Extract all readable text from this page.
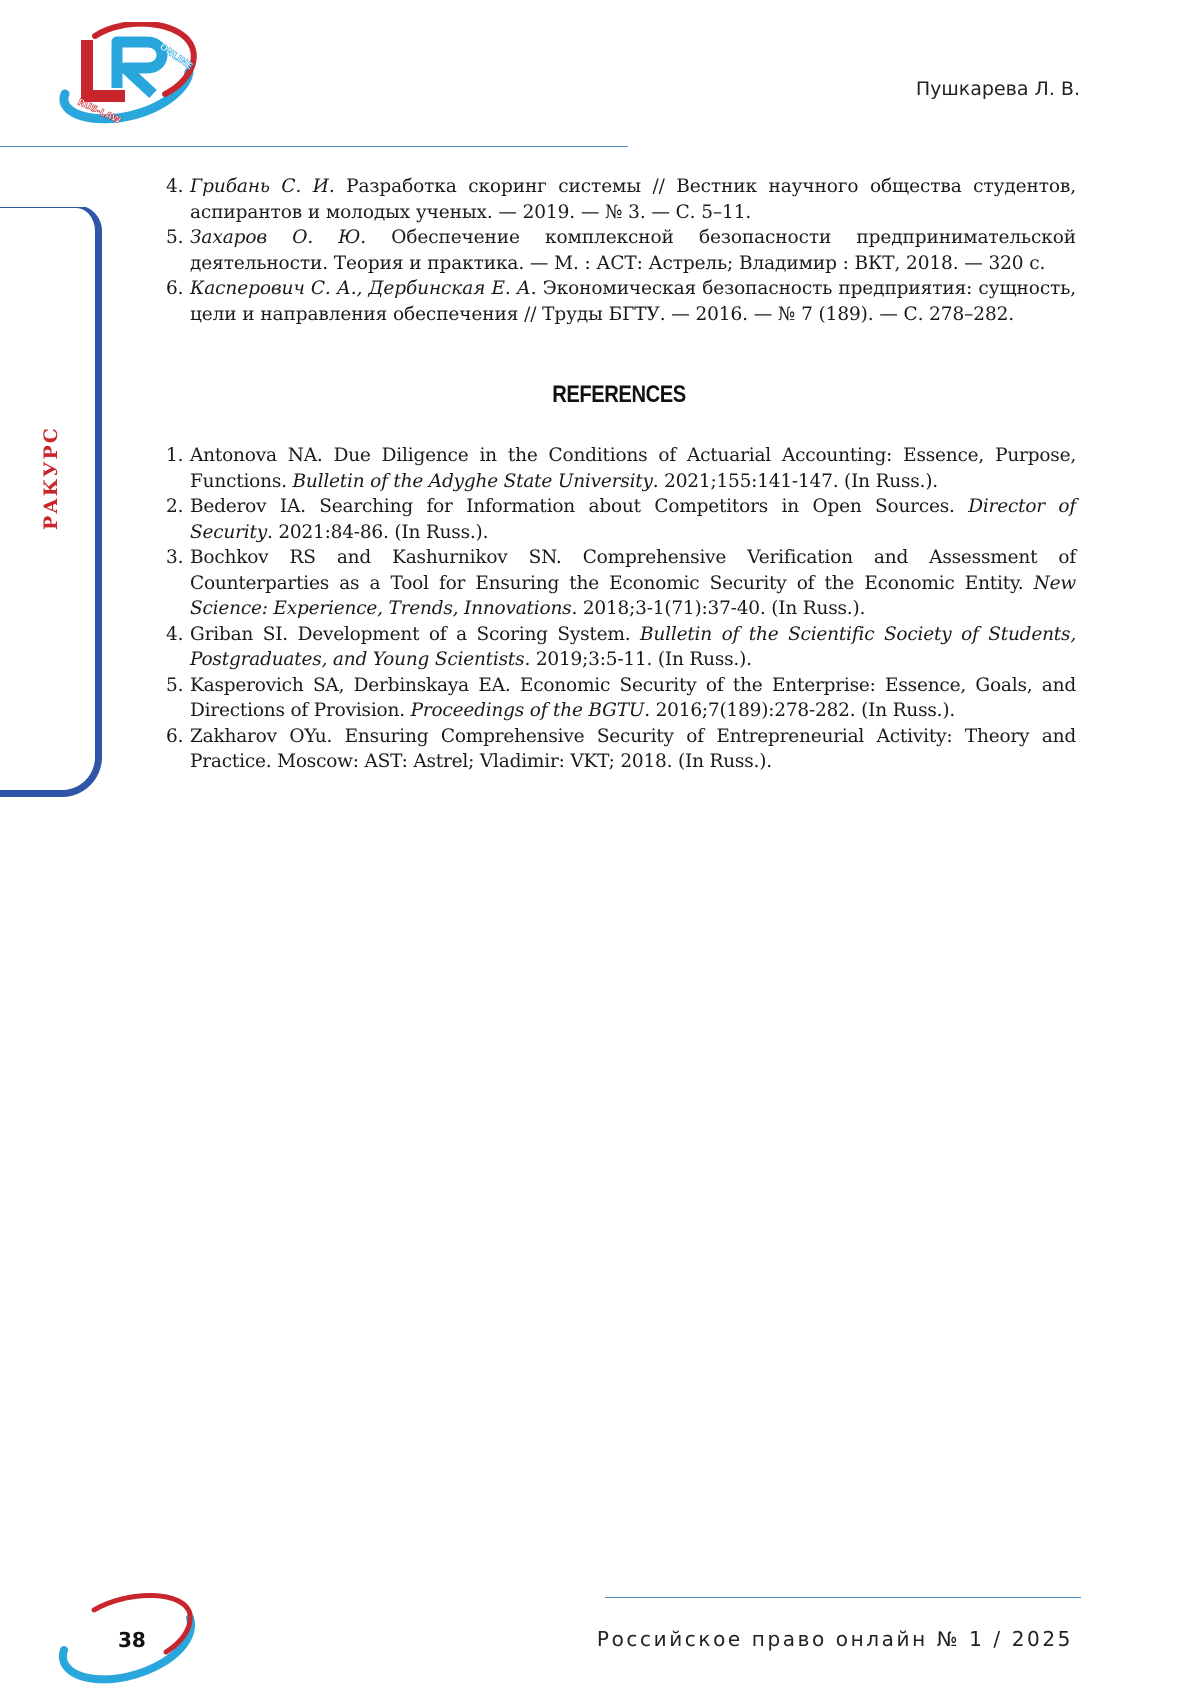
ONLINE
RUS-LAW
Пушкарева Л. В.
РАКУРС
4. Грибань С. И. Разработка скоринг системы // Вестник научного общества студентов, аспирантов и молодых ученых. — 2019. — № 3. — С. 5–11.
5. Захаров О. Ю. Обеспечение комплексной безопасности предпринимательской деятельности. Теория и практика. — М. : АСТ: Астрель; Владимир : ВКТ, 2018. — 320 с.
6. Касперович С. А., Дербинская Е. А. Экономическая безопасность предприятия: сущность, цели и направления обеспечения // Труды БГТУ. — 2016. — № 7 (189). — С. 278–282.
REFERENCES
1. Antonova NA. Due Diligence in the Conditions of Actuarial Accounting: Essence, Purpose, Functions. Bulletin of the Adyghe State University. 2021;155:141-147. (In Russ.).
2. Bederov IA. Searching for Information about Competitors in Open Sources. Director of Security. 2021:84-86. (In Russ.).
3. Bochkov RS and Kashurnikov SN. Comprehensive Verification and Assessment of Counterparties as a Tool for Ensuring the Economic Security of the Economic Entity. New Science: Experience, Trends, Innovations. 2018;3-1(71):37-40. (In Russ.).
4. Griban SI. Development of a Scoring System. Bulletin of the Scientific Society of Students, Postgraduates, and Young Scientists. 2019;3:5-11. (In Russ.).
5. Kasperovich SA, Derbinskaya EA. Economic Security of the Enterprise: Essence, Goals, and Directions of Provision. Proceedings of the BGTU. 2016;7(189):278-282. (In Russ.).
6. Zakharov OYu. Ensuring Comprehensive Security of Entrepreneurial Activity: Theory and Practice. Moscow: AST: Astrel; Vladimir: VKT; 2018. (In Russ.).
38	Российское право онлайн № 1 / 2025
